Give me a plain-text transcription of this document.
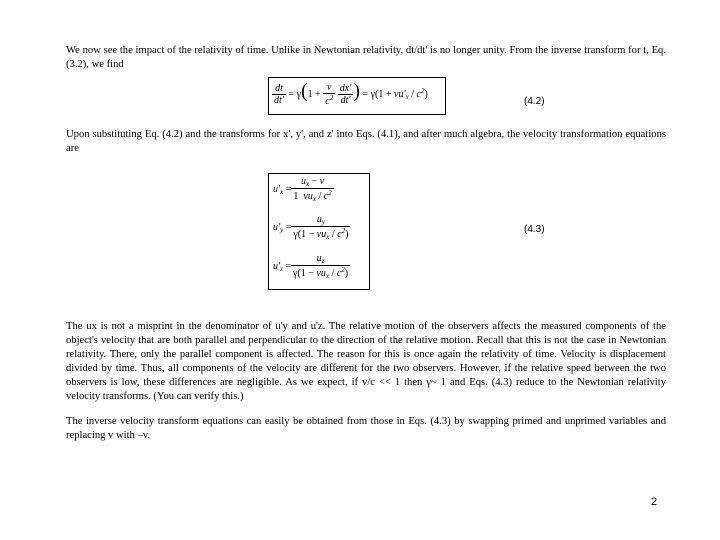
We now see the impact of the relativity of time. Unlike in Newtonian relativity, dt/dt' is no longer unity. From the inverse transform for t, Eq. (3.2), we find
$\frac{dt}{dt'} = \gamma(1 + \frac{v}{c^2}$
$\frac{dx'}{dt'}$ ) = $\gamma(1 + vu'_x / c^2)$
(4.2)
Upon substituting Eq. (4.2) and the transforms for x', y', and z' into Eqs. (4.1), and after much algebra, the velocity transformation equations are
$u'_x = \frac{u_x - v}{1 vu_x / c^2}$
$u'_y = \frac{u_y}{\gamma(1 - vu_x / c^2)}$
$u'_z = \frac{u_z}{\gamma(1 - vu_x / c^2)}$
(4.3)
The ux is not a misprint in the denominator of u'y and u'z. The relative motion of the observers affects the measured components of the object's velocity that are both parallel and perpendicular to the direction of the relative motion. Recall that this is not the case in Newtonian relativity. There, only the parallel component is affected. The reason for this is once again the relativity of time. Velocity is displacement divided by time. Thus, all components of the velocity are different for the two observers. However, if the relative speed between the two observers is low, these differences are negligible. As we expect, if v/c << 1 then γ~ 1 and Eqs. (4.3) reduce to the Newtonian relativity velocity transforms. (You can verify this.)
The inverse velocity transform equations can easily be obtained from those in Eqs. (4.3) by swapping primed and unprimed variables and replacing v with –v.
2
